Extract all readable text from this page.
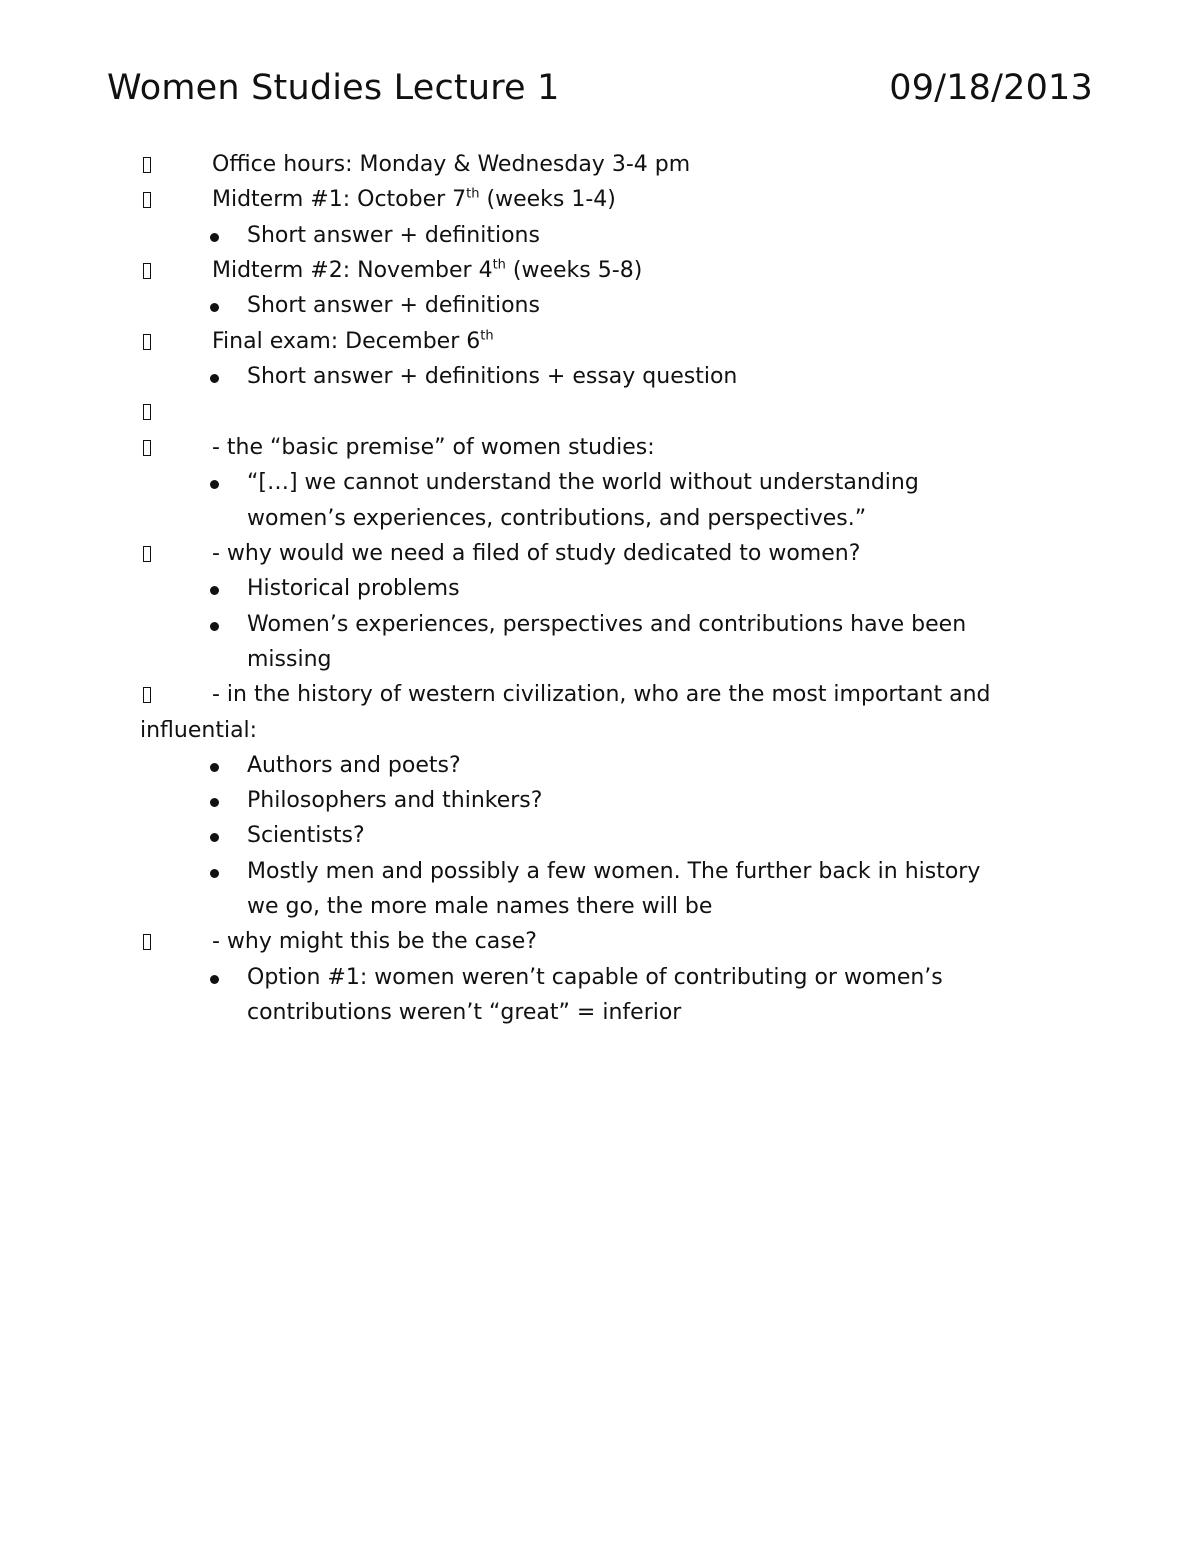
Women Studies Lecture 1	09/18/2013
Office hours: Monday & Wednesday 3-4 pm
Midterm #1: October 7th (weeks 1-4)
Short answer + definitions
Midterm #2: November 4th (weeks 5-8)
Short answer + definitions
Final exam: December 6th
Short answer + definitions + essay question
- the “basic premise” of women studies:
“[…] we cannot understand the world without understanding
women’s experiences, contributions, and perspectives.”
- why would we need a filed of study dedicated to women?
Historical problems
Women’s experiences, perspectives and contributions have been
missing
- in the history of western civilization, who are the most important and
influential:
Authors and poets?
Philosophers and thinkers?
Scientists?
Mostly men and possibly a few women. The further back in history
we go, the more male names there will be
- why might this be the case?
Option #1: women weren’t capable of contributing or women’s
contributions weren’t “great” = inferior
